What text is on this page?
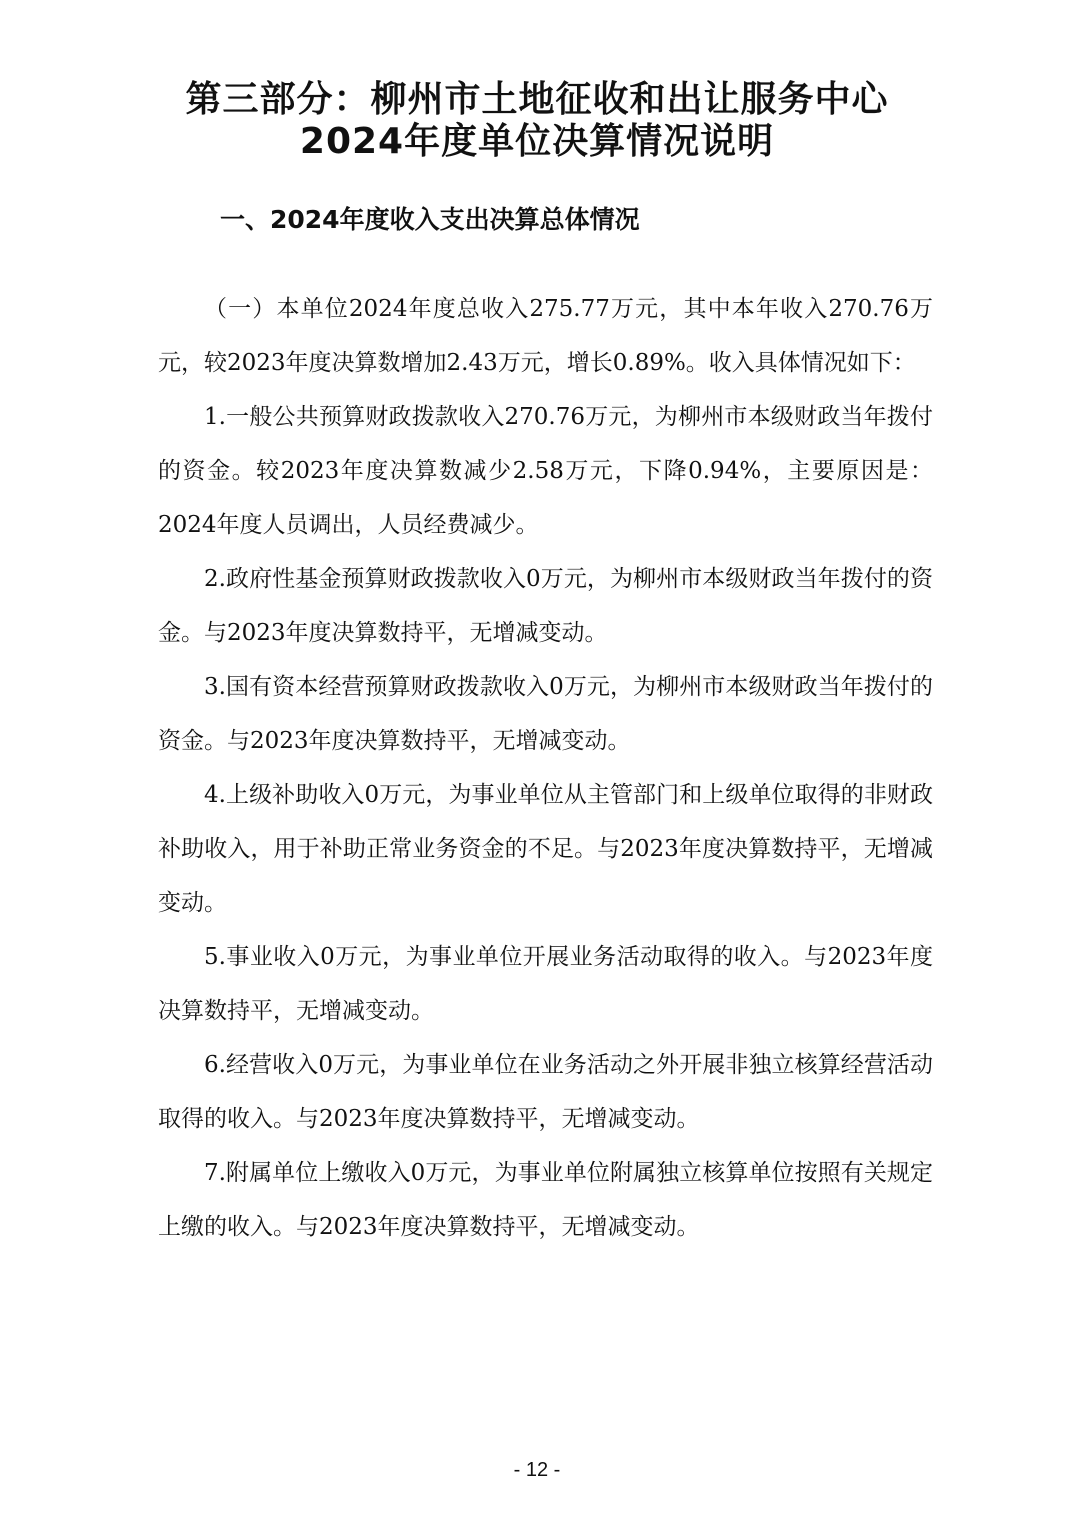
第三部分：柳州市土地征收和出让服务中心
2024年度单位决算情况说明
一、2024年度收入支出决算总体情况

（一）本单位2024年度总收入275.77万元，其中本年收入270.76万元，较2023年度决算数增加2.43万元，增长0.89%。收入具体情况如下：

1.一般公共预算财政拨款收入270.76万元，为柳州市本级财政当年拨付的资金。较2023年度决算数减少2.58万元，下降0.94%，主要原因是：2024年度人员调出，人员经费减少。

2.政府性基金预算财政拨款收入0万元，为柳州市本级财政当年拨付的资金。与2023年度决算数持平，无增减变动。

3.国有资本经营预算财政拨款收入0万元，为柳州市本级财政当年拨付的资金。与2023年度决算数持平，无增减变动。

4.上级补助收入0万元，为事业单位从主管部门和上级单位取得的非财政补助收入，用于补助正常业务资金的不足。与2023年度决算数持平，无增减变动。

5.事业收入0万元，为事业单位开展业务活动取得的收入。与2023年度决算数持平，无增减变动。

6.经营收入0万元，为事业单位在业务活动之外开展非独立核算经营活动取得的收入。与2023年度决算数持平，无增减变动。

7.附属单位上缴收入0万元，为事业单位附属独立核算单位按照有关规定上缴的收入。与2023年度决算数持平，无增减变动。

- 12 -
